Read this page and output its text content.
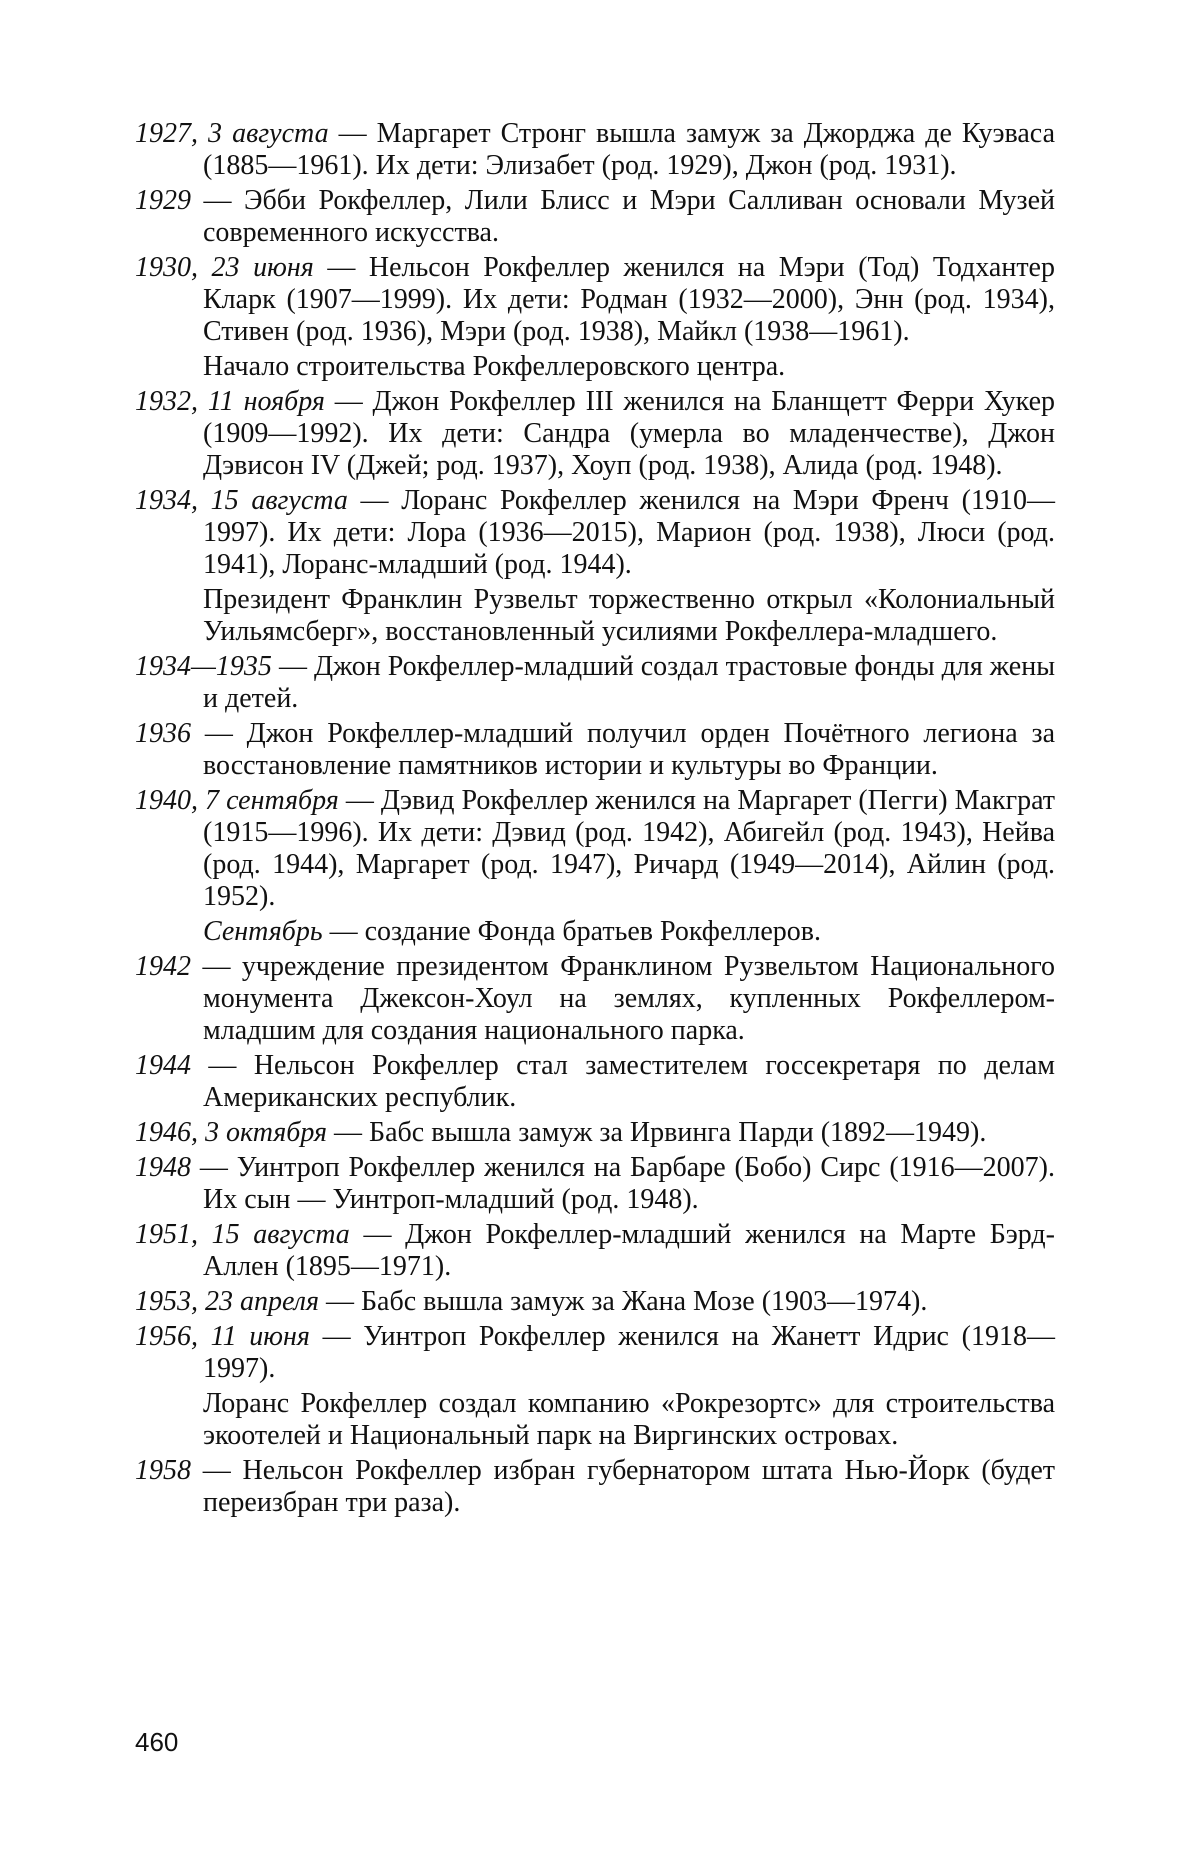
1927, 3 августа — Маргарет Стронг вышла замуж за Джорджа де Куэваса (1885—1961). Их дети: Элизабет (род. 1929), Джон (род. 1931).
1929 — Эбби Рокфеллер, Лили Блисс и Мэри Салливан основали Музей современного искусства.
1930, 23 июня — Нельсон Рокфеллер женился на Мэри (Тод) Тодхантер Кларк (1907—1999). Их дети: Родман (1932—2000), Энн (род. 1934), Стивен (род. 1936), Мэри (род. 1938), Майкл (1938—1961).
Начало строительства Рокфеллеровского центра.
1932, 11 ноября — Джон Рокфеллер III женился на Бланщетт Ферри Хукер (1909—1992). Их дети: Сандра (умерла во младенчестве), Джон Дэвисон IV (Джей; род. 1937), Хоуп (род. 1938), Алида (род. 1948).
1934, 15 августа — Лоранс Рокфеллер женился на Мэри Френч (1910—1997). Их дети: Лора (1936—2015), Марион (род. 1938), Люси (род. 1941), Лоранс-младший (род. 1944).
Президент Франклин Рузвельт торжественно открыл «Колониальный Уильямсберг», восстановленный усилиями Рокфеллера-младшего.
1934—1935 — Джон Рокфеллер-младший создал трастовые фонды для жены и детей.
1936 — Джон Рокфеллер-младший получил орден Почётного легиона за восстановление памятников истории и культуры во Франции.
1940, 7 сентября — Дэвид Рокфеллер женился на Маргарет (Пегги) Макграт (1915—1996). Их дети: Дэвид (род. 1942), Абигейл (род. 1943), Нейва (род. 1944), Маргарет (род. 1947), Ричард (1949—2014), Айлин (род. 1952).
Сентябрь — создание Фонда братьев Рокфеллеров.
1942 — учреждение президентом Франклином Рузвельтом Национального монумента Джексон-Хоул на землях, купленных Рокфеллером-младшим для создания национального парка.
1944 — Нельсон Рокфеллер стал заместителем госсекретаря по делам Американских республик.
1946, 3 октября — Бабс вышла замуж за Ирвинга Парди (1892—1949).
1948 — Уинтроп Рокфеллер женился на Барбаре (Бобо) Сирс (1916—2007). Их сын — Уинтроп-младший (род. 1948).
1951, 15 августа — Джон Рокфеллер-младший женился на Марте Бэрд-Аллен (1895—1971).
1953, 23 апреля — Бабс вышла замуж за Жана Мозе (1903—1974).
1956, 11 июня — Уинтроп Рокфеллер женился на Жанетт Идрис (1918—1997).
Лоранс Рокфеллер создал компанию «Рокрезортс» для строительства экоотелей и Национальный парк на Виргинских островах.
1958 — Нельсон Рокфеллер избран губернатором штата Нью-Йорк (будет переизбран три раза).
460
